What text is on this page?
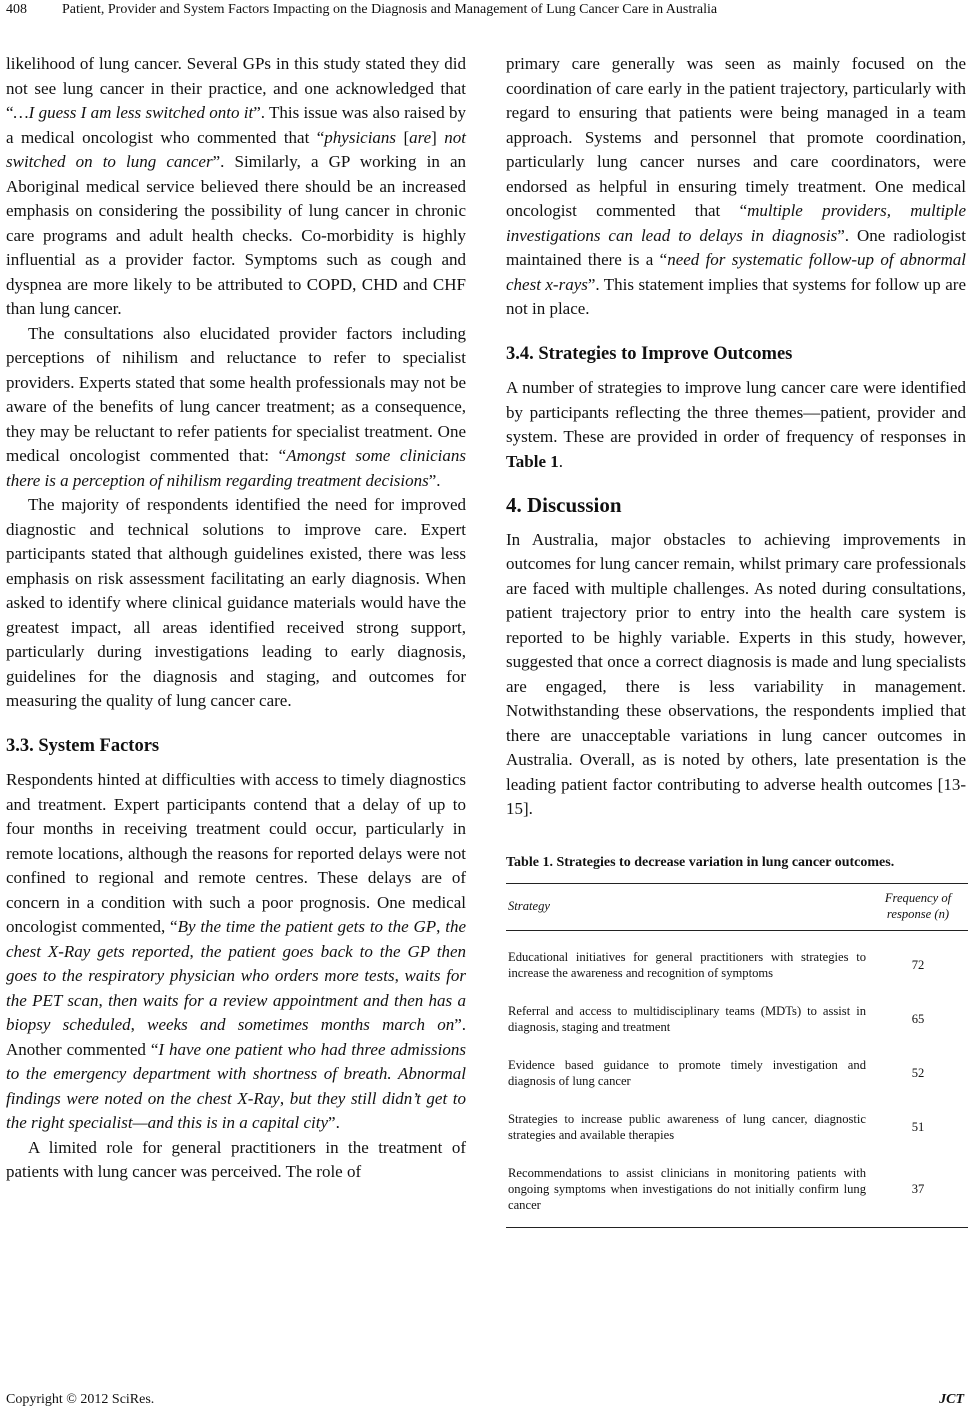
408	Patient, Provider and System Factors Impacting on the Diagnosis and Management of Lung Cancer Care in Australia

likelihood of lung cancer. Several GPs in this study stated they did not see lung cancer in their practice, and one acknowledged that “…I guess I am less switched onto it”. This issue was also raised by a medical oncologist who commented that “physicians [are] not switched on to lung cancer”. Similarly, a GP working in an Aboriginal medical service believed there should be an increased emphasis on considering the possibility of lung cancer in chronic care programs and adult health checks. Co-morbidity is highly influential as a provider factor. Symptoms such as cough and dyspnea are more likely to be attributed to COPD, CHD and CHF than lung cancer.

The consultations also elucidated provider factors including perceptions of nihilism and reluctance to refer to specialist providers. Experts stated that some health professionals may not be aware of the benefits of lung cancer treatment; as a consequence, they may be reluctant to refer patients for specialist treatment. One medical oncologist commented that: “Amongst some clinicians there is a perception of nihilism regarding treatment decisions”.

The majority of respondents identified the need for improved diagnostic and technical solutions to improve care. Expert participants stated that although guidelines existed, there was less emphasis on risk assessment facilitating an early diagnosis. When asked to identify where clinical guidance materials would have the greatest impact, all areas identified received strong support, particularly during investigations leading to early diagnosis, guidelines for the diagnosis and staging, and outcomes for measuring the quality of lung cancer care.

3.3. System Factors

Respondents hinted at difficulties with access to timely diagnostics and treatment. Expert participants contend that a delay of up to four months in receiving treatment could occur, particularly in remote locations, although the reasons for reported delays were not confined to regional and remote centres. These delays are of concern in a condition with such a poor prognosis. One medical oncologist commented, “By the time the patient gets to the GP, the chest X-Ray gets reported, the patient goes back to the GP then goes to the respiratory physician who orders more tests, waits for the PET scan, then waits for a review appointment and then has a biopsy scheduled, weeks and sometimes months march on”. Another commented “I have one patient who had three admissions to the emergency department with shortness of breath. Abnormal findings were noted on the chest X-Ray, but they still didn’t get to the right specialist—and this is in a capital city”.

A limited role for general practitioners in the treatment of patients with lung cancer was perceived. The role of

primary care generally was seen as mainly focused on the coordination of care early in the patient trajectory, particularly with regard to ensuring that patients were being managed in a team approach. Systems and personnel that promote coordination, particularly lung cancer nurses and care coordinators, were endorsed as helpful in ensuring timely treatment. One medical oncologist commented that “multiple providers, multiple investigations can lead to delays in diagnosis”. One radiologist maintained there is a “need for systematic follow-up of abnormal chest x-rays”. This statement implies that systems for follow up are not in place.

3.4. Strategies to Improve Outcomes

A number of strategies to improve lung cancer care were identified by participants reflecting the three themes—patient, provider and system. These are provided in order of frequency of responses in Table 1.

4. Discussion

In Australia, major obstacles to achieving improvements in outcomes for lung cancer remain, whilst primary care professionals are faced with multiple challenges. As noted during consultations, patient trajectory prior to entry into the health care system is reported to be highly variable. Experts in this study, however, suggested that once a correct diagnosis is made and lung specialists are engaged, there is less variability in management. Notwithstanding these observations, the respondents implied that there are unacceptable variations in lung cancer outcomes in Australia. Overall, as is noted by others, late presentation is the leading patient factor contributing to adverse health outcomes [13-15].

Table 1. Strategies to decrease variation in lung cancer outcomes.
Strategy	Frequency of response (n)
Educational initiatives for general practitioners with strategies to increase the awareness and recognition of symptoms	72
Referral and access to multidisciplinary teams (MDTs) to assist in diagnosis, staging and treatment	65
Evidence based guidance to promote timely investigation and diagnosis of lung cancer	52
Strategies to increase public awareness of lung cancer, diagnostic strategies and available therapies	51
Recommendations to assist clinicians in monitoring patients with ongoing symptoms when investigations do not initially confirm lung cancer	37
Copyright © 2012 SciRes.	JCT
